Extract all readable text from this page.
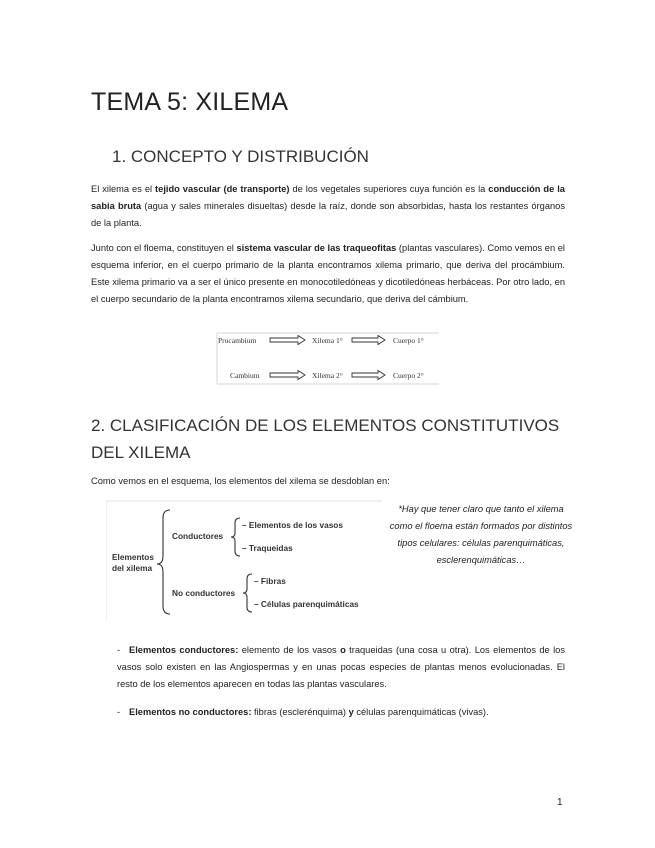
TEMA 5: XILEMA
1. CONCEPTO Y DISTRIBUCIÓN
El xilema es el tejido vascular (de transporte) de los vegetales superiores cuya función es la conducción de la sabia bruta (agua y sales minerales disueltas) desde la raíz, donde son absorbidas, hasta los restantes órganos de la planta.
Junto con el floema, constituyen el sistema vascular de las traqueofitas (plantas vasculares). Como vemos en el esquema inferior, en el cuerpo primario de la planta encontramos xilema primario, que deriva del procámbium. Este xilema primario va a ser el único presente en monocotiledóneas y dicotiledóneas herbáceas. Por otro lado, en el cuerpo secundario de la planta encontramos xilema secundario, que deriva del cámbium.
Procambium	Xilema 1°	Cuerpo 1°
Cambium	Xilema 2°	Cuerpo 2°
2. CLASIFICACIÓN DE LOS ELEMENTOS CONSTITUTIVOS DEL XILEMA
Como vemos en el esquema, los elementos del xilema se desdoblan en:
Elementos
del xilema
Conductores
No conductores
– Elementos de los vasos
– Traqueidas
– Fibras
– Células parenquimáticas
*Hay que tener claro que tanto el xilema como el floema están formados por distintos tipos celulares: células parenquimáticas, esclerenquimáticas…
- Elementos conductores: elemento de los vasos o traqueidas (una cosa u otra). Los elementos de los vasos solo existen en las Angiospermas y en unas pocas especies de plantas menos evolucionadas. El resto de los elementos aparecen en todas las plantas vasculares.
- Elementos no conductores: fibras (esclerénquima) y células parenquimáticas (vivas).
1
